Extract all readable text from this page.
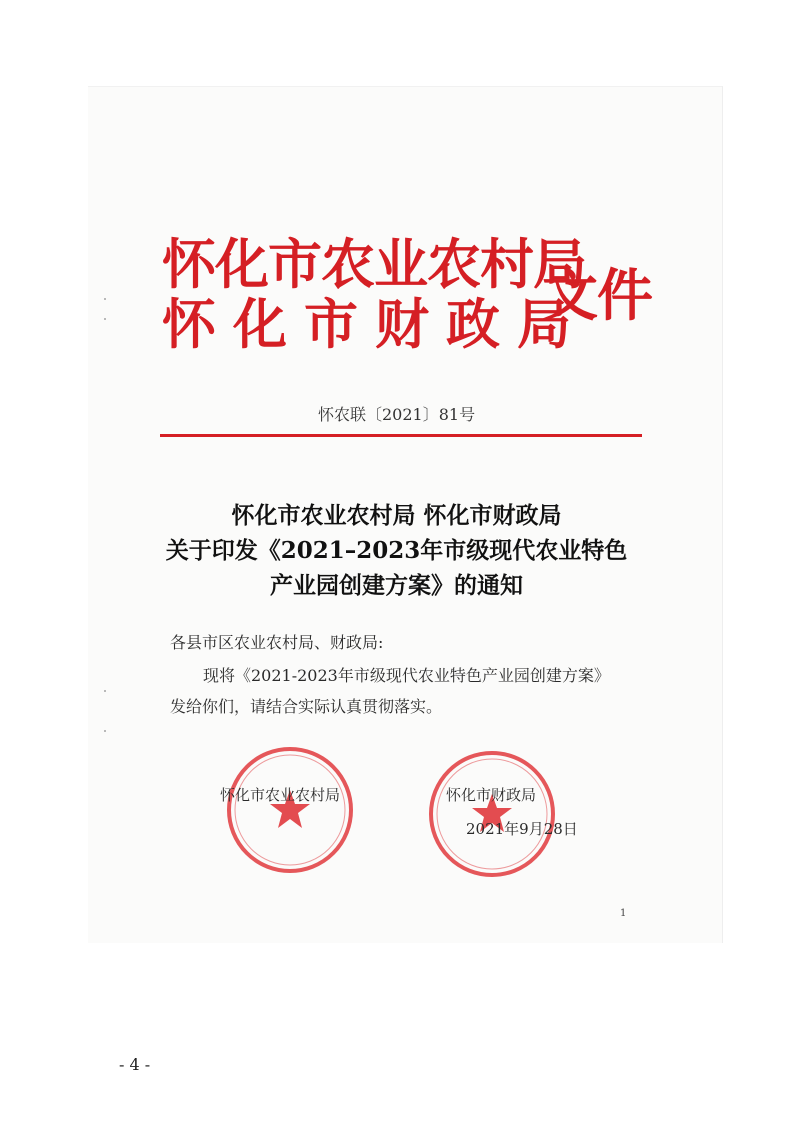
怀化市农业农村局
怀化市财政局
文件
怀农联〔2021〕81号
怀化市农业农村局 怀化市财政局
关于印发《2021–2023年市级现代农业特色
产业园创建方案》的通知
各县市区农业农村局、财政局:
现将《2021-2023年市级现代农业特色产业园创建方案》
发给你们，请结合实际认真贯彻落实。
怀化市农业农村局	怀化市财政局
2021年9月28日
1
- 4 -
